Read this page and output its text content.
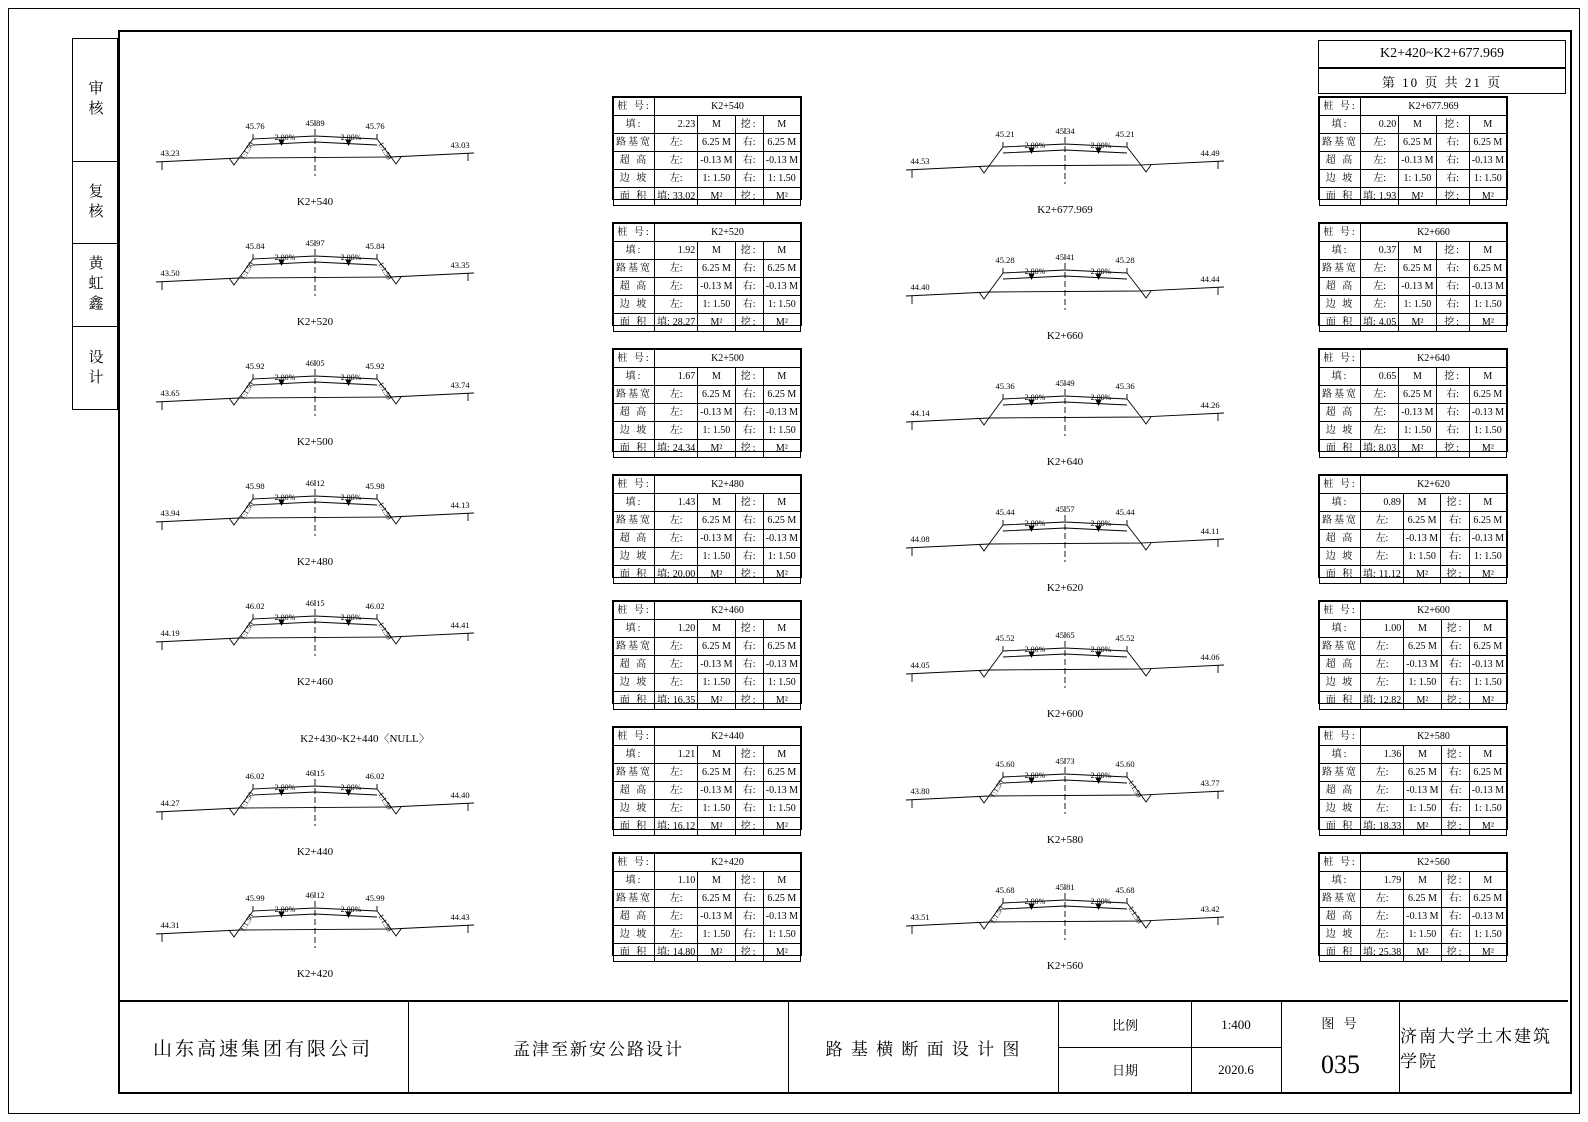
审核
复核
黄虹鑫
设计
K2+420~K2+677.969
第 10 页 共 21 页
43.23
43.03
45.76	45.89	45.76
2.00%	2.00%
1:1.50	1:1.50
K2+540
43.50
43.35
45.84	45.97	45.84
2.00%	2.00%
1:1.50	1:1.50
K2+520
43.65
43.74
45.92	46.05	45.92
2.00%	2.00%
1:1.50	1:1.50
K2+500
43.94
44.13
45.98	46.12	45.98
2.00%	2.00%
1:1.50	1:1.50
K2+480
44.19
44.41
46.02	46.15	46.02
2.00%	2.00%
1:1.50	1:1.50
K2+460
44.27
44.40
46.02	46.15	46.02
2.00%	2.00%
1:1.50	1:1.50
K2+440
44.31
44.43
45.99	46.12	45.99
2.00%	2.00%
1:1.50	1:1.50
K2+420
K2+430~K2+440〈NULL〉
桩 号:	K2+540			
填:	2.23	M	挖:	M
路基宽	左:	6.25 M	右:	6.25 M
超 高	左:	-0.13 M	右:	-0.13 M
边 坡	左:	1: 1.50	右:	1: 1.50
面 积	填: 33.02	M²	挖:	M²
桩 号:	K2+520			
填:	1.92	M	挖:	M
路基宽	左:	6.25 M	右:	6.25 M
超 高	左:	-0.13 M	右:	-0.13 M
边 坡	左:	1: 1.50	右:	1: 1.50
面 积	填: 28.27	M²	挖:	M²
桩 号:	K2+500			
填:	1.67	M	挖:	M
路基宽	左:	6.25 M	右:	6.25 M
超 高	左:	-0.13 M	右:	-0.13 M
边 坡	左:	1: 1.50	右:	1: 1.50
面 积	填: 24.34	M²	挖:	M²
桩 号:	K2+480			
填:	1.43	M	挖:	M
路基宽	左:	6.25 M	右:	6.25 M
超 高	左:	-0.13 M	右:	-0.13 M
边 坡	左:	1: 1.50	右:	1: 1.50
面 积	填: 20.00	M²	挖:	M²
桩 号:	K2+460			
填:	1.20	M	挖:	M
路基宽	左:	6.25 M	右:	6.25 M
超 高	左:	-0.13 M	右:	-0.13 M
边 坡	左:	1: 1.50	右:	1: 1.50
面 积	填: 16.35	M²	挖:	M²
桩 号:	K2+440			
填:	1.21	M	挖:	M
路基宽	左:	6.25 M	右:	6.25 M
超 高	左:	-0.13 M	右:	-0.13 M
边 坡	左:	1: 1.50	右:	1: 1.50
面 积	填: 16.12	M²	挖:	M²
桩 号:	K2+420			
填:	1.10	M	挖:	M
路基宽	左:	6.25 M	右:	6.25 M
超 高	左:	-0.13 M	右:	-0.13 M
边 坡	左:	1: 1.50	右:	1: 1.50
面 积	填: 14.80	M²	挖:	M²
44.53
44.49
45.21	45.34	45.21
2.00%	2.00%
K2+677.969
44.40
44.44
45.28	45.41	45.28
2.00%	2.00%
K2+660
44.14
44.26
45.36	45.49	45.36
2.00%	2.00%
K2+640
44.08
44.11
45.44	45.57	45.44
2.00%	2.00%
K2+620
44.05
44.06
45.52	45.65	45.52
2.00%	2.00%
K2+600
43.80
43.77
45.60	45.73	45.60
2.00%	2.00%
1:1.50	1:1.50
K2+580
43.51
43.42
45.68	45.81	45.68
2.00%	2.00%
1:1.50	1:1.50
K2+560
桩 号:	K2+677.969			
填:	0.20	M	挖:	M
路基宽	左:	6.25 M	右:	6.25 M
超 高	左:	-0.13 M	右:	-0.13 M
边 坡	左:	1: 1.50	右:	1: 1.50
面 积	填: 1.93	M²	挖:	M²
桩 号:	K2+660			
填:	0.37	M	挖:	M
路基宽	左:	6.25 M	右:	6.25 M
超 高	左:	-0.13 M	右:	-0.13 M
边 坡	左:	1: 1.50	右:	1: 1.50
面 积	填: 4.05	M²	挖:	M²
桩 号:	K2+640			
填:	0.65	M	挖:	M
路基宽	左:	6.25 M	右:	6.25 M
超 高	左:	-0.13 M	右:	-0.13 M
边 坡	左:	1: 1.50	右:	1: 1.50
面 积	填: 8.03	M²	挖:	M²
桩 号:	K2+620			
填:	0.89	M	挖:	M
路基宽	左:	6.25 M	右:	6.25 M
超 高	左:	-0.13 M	右:	-0.13 M
边 坡	左:	1: 1.50	右:	1: 1.50
面 积	填: 11.12	M²	挖:	M²
桩 号:	K2+600			
填:	1.00	M	挖:	M
路基宽	左:	6.25 M	右:	6.25 M
超 高	左:	-0.13 M	右:	-0.13 M
边 坡	左:	1: 1.50	右:	1: 1.50
面 积	填: 12.82	M²	挖:	M²
桩 号:	K2+580			
填:	1.36	M	挖:	M
路基宽	左:	6.25 M	右:	6.25 M
超 高	左:	-0.13 M	右:	-0.13 M
边 坡	左:	1: 1.50	右:	1: 1.50
面 积	填: 18.33	M²	挖:	M²
桩 号:	K2+560			
填:	1.79	M	挖:	M
路基宽	左:	6.25 M	右:	6.25 M
超 高	左:	-0.13 M	右:	-0.13 M
边 坡	左:	1: 1.50	右:	1: 1.50
面 积	填: 25.38	M²	挖:	M²
山东高速集团有限公司	孟津至新安公路设计	路 基 横 断 面 设 计 图
比例	1:400
日期	2020.6
图 号
035
济南大学土木建筑学院
